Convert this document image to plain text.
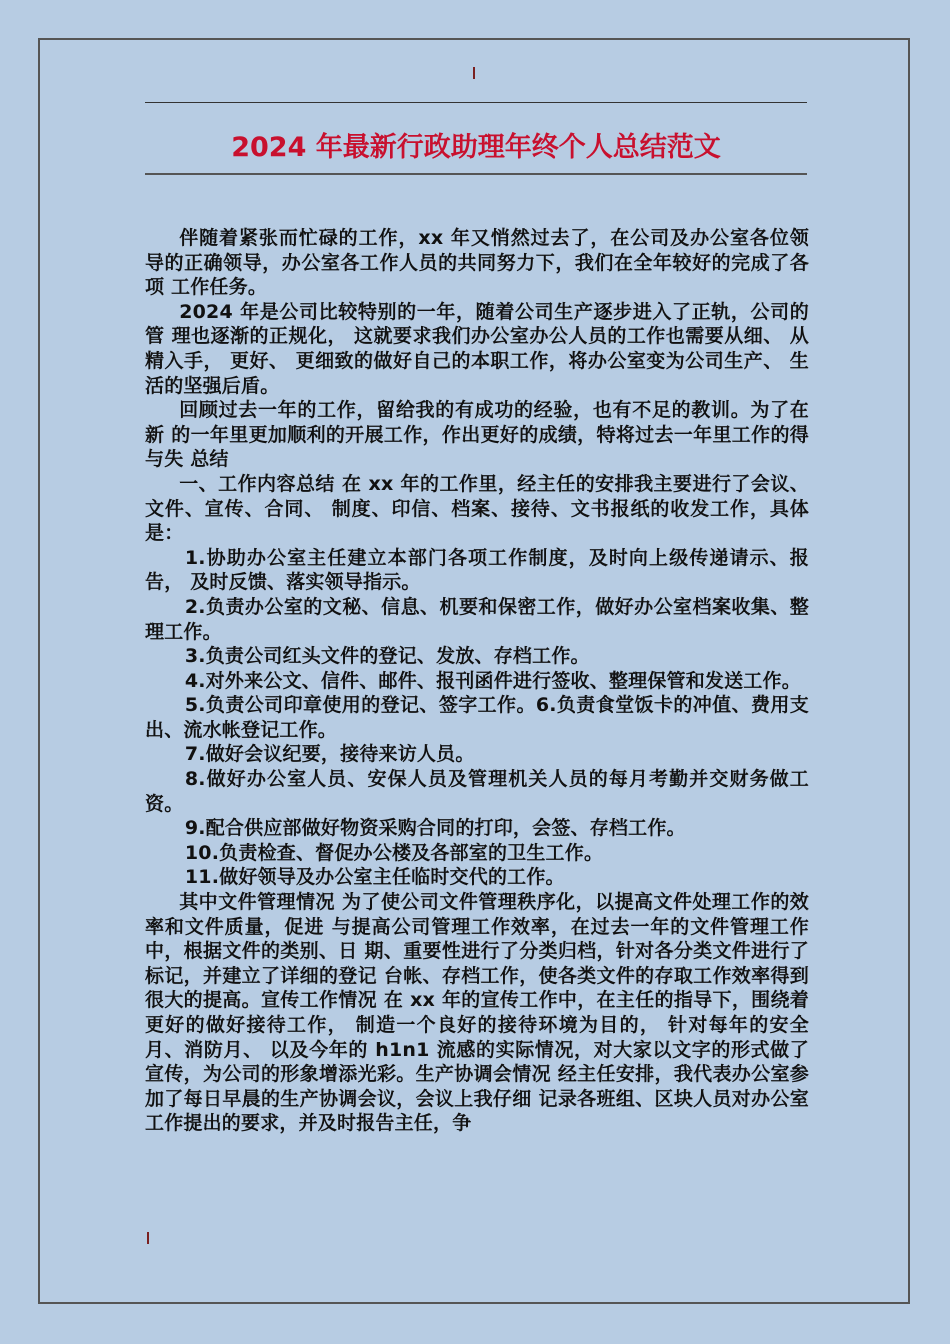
2024 年最新行政助理年终个人总结范文

伴随着紧张而忙碌的工作，xx 年又悄然过去了，在公司及办公室各位领 导的正确领导，办公室各工作人员的共同努力下，我们在全年较好的完成了各项 工作任务。

2024 年是公司比较特别的一年，随着公司生产逐步进入了正轨，公司的管 理也逐渐的正规化， 这就要求我们办公室办公人员的工作也需要从细、 从精入手， 更好、 更细致的做好自己的本职工作，将办公室变为公司生产、 生活的坚强后盾。

回顾过去一年的工作，留给我的有成功的经验，也有不足的教训。为了在新 的一年里更加顺利的开展工作，作出更好的成绩，特将过去一年里工作的得与失 总结

一、工作内容总结 在 xx 年的工作里，经主任的安排我主要进行了会议、文件、宣传、合同、 制度、印信、档案、接待、文书报纸的收发工作，具体是：

1.协助办公室主任建立本部门各项工作制度，及时向上级传递请示、报告， 及时反馈、落实领导指示。

2.负责办公室的文秘、信息、机要和保密工作，做好办公室档案收集、整 理工作。

3.负责公司红头文件的登记、发放、存档工作。

4.对外来公文、信件、邮件、报刊函件进行签收、整理保管和发送工作。

5.负责公司印章使用的登记、签字工作。6.负责食堂饭卡的冲值、费用支出、流水帐登记工作。

7.做好会议纪要，接待来访人员。

8.做好办公室人员、安保人员及管理机关人员的每月考勤并交财务做工资。

9.配合供应部做好物资采购合同的打印，会签、存档工作。

10.负责检查、督促办公楼及各部室的卫生工作。

11.做好领导及办公室主任临时交代的工作。

其中文件管理情况 为了使公司文件管理秩序化，以提高文件处理工作的效率和文件质量，促进 与提高公司管理工作效率，在过去一年的文件管理工作中，根据文件的类别、日 期、重要性进行了分类归档，针对各分类文件进行了标记，并建立了详细的登记 台帐、存档工作，使各类文件的存取工作效率得到很大的提高。宣传工作情况 在 xx 年的宣传工作中，在主任的指导下，围绕着更好的做好接待工作， 制造一个良好的接待环境为目的， 针对每年的安全月、消防月、 以及今年的 h1n1 流感的实际情况，对大家以文字的形式做了宣传，为公司的形象增添光彩。生产协调会情况 经主任安排，我代表办公室参加了每日早晨的生产协调会议，会议上我仔细 记录各班组、区块人员对办公室工作提出的要求，并及时报告主任，争
